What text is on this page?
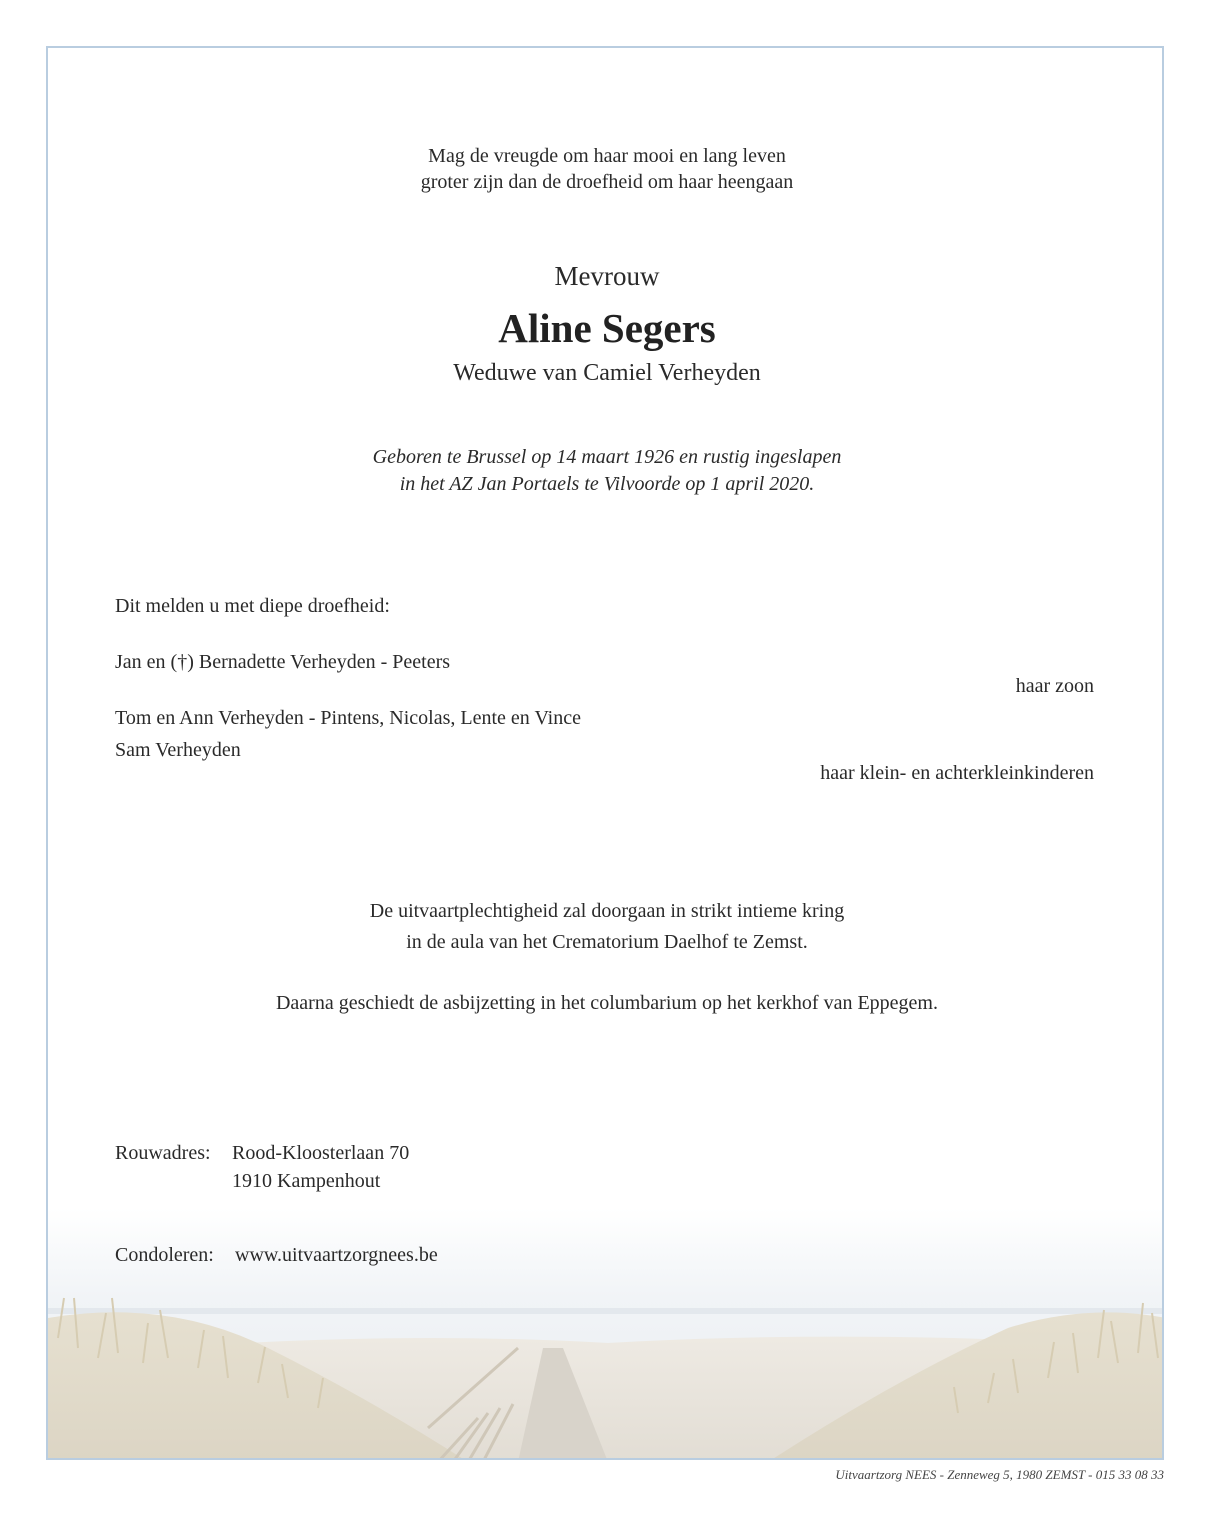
Mag de vreugde om haar mooi en lang leven
groter zijn dan de droefheid om haar heengaan
Mevrouw
Aline Segers
Weduwe van Camiel Verheyden
Geboren te Brussel op 14 maart 1926 en rustig ingeslapen
in het AZ Jan Portaels te Vilvoorde op 1 april 2020.
Dit melden u met diepe droefheid:
Jan en (†) Bernadette Verheyden - Peeters
haar zoon
Tom en Ann Verheyden - Pintens, Nicolas, Lente en Vince
Sam Verheyden
haar klein- en achterkleinkinderen
De uitvaartplechtigheid zal doorgaan in strikt intieme kring
in de aula van het Crematorium Daelhof te Zemst.
Daarna geschiedt de asbijzetting in het columbarium op het kerkhof van Eppegem.
Rouwadres: Rood-Kloosterlaan 70
1910 Kampenhout
Condoleren: www.uitvaartzorgnees.be
Uitvaartzorg NEES - Zenneweg 5, 1980 ZEMST - 015 33 08 33
